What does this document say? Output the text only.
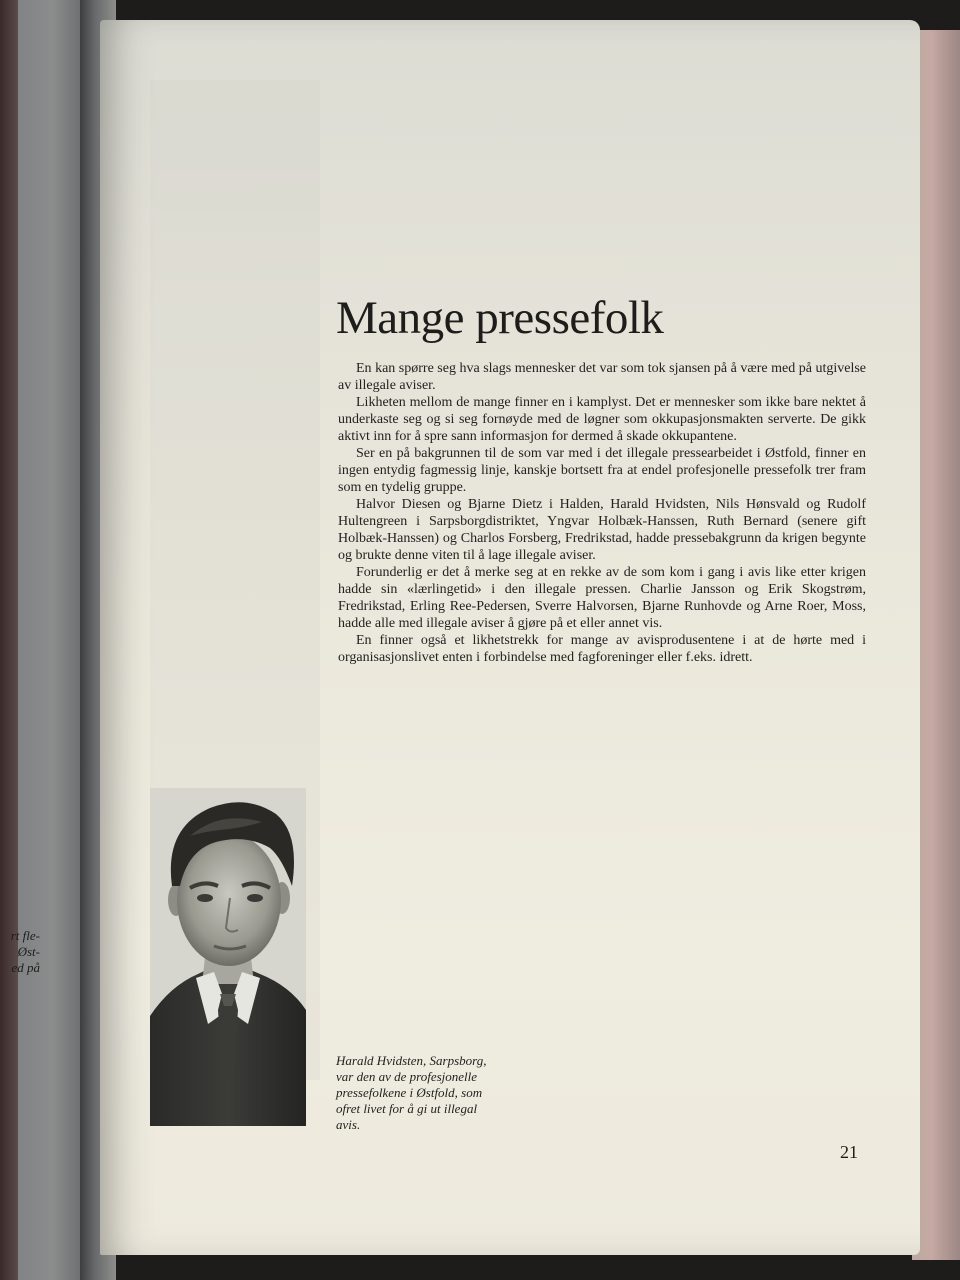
rt fle-
Øst-
ed på
Mange pressefolk

En kan spørre seg hva slags mennesker det var som tok sjansen på å være med på utgivelse av illegale aviser.

Likheten mellom de mange finner en i kamplyst. Det er mennesker som ikke bare nektet å underkaste seg og si seg fornøyde med de løgner som okkupasjonsmakten serverte. De gikk aktivt inn for å spre sann informasjon for dermed å skade okkupantene.

Ser en på bakgrunnen til de som var med i det illegale pressearbeidet i Østfold, finner en ingen entydig fagmessig linje, kanskje bortsett fra at endel profesjonelle pressefolk trer fram som en tydelig gruppe.

Halvor Diesen og Bjarne Dietz i Halden, Harald Hvidsten, Nils Hønsvald og Rudolf Hultengreen i Sarpsborgdistriktet, Yngvar Holbæk-Hanssen, Ruth Bernard (senere gift Holbæk-Hanssen) og Charlos Forsberg, Fredrikstad, hadde pressebakgrunn da krigen begynte og brukte denne viten til å lage illegale aviser.

Forunderlig er det å merke seg at en rekke av de som kom i gang i avis like etter krigen hadde sin «lærlingetid» i den illegale pressen. Charlie Jansson og Erik Skogstrøm, Fredrikstad, Erling Ree-Pedersen, Sverre Halvorsen, Bjarne Runhovde og Arne Roer, Moss, hadde alle med illegale aviser å gjøre på et eller annet vis.

En finner også et likhetstrekk for mange av avisprodusentene i at de hørte med i organisasjonslivet enten i forbindelse med fagforeninger eller f.eks. idrett.

Harald Hvidsten, Sarpsborg,
var den av de profesjonelle
pressefolkene i Østfold, som
ofret livet for å gi ut illegal
avis.
21
